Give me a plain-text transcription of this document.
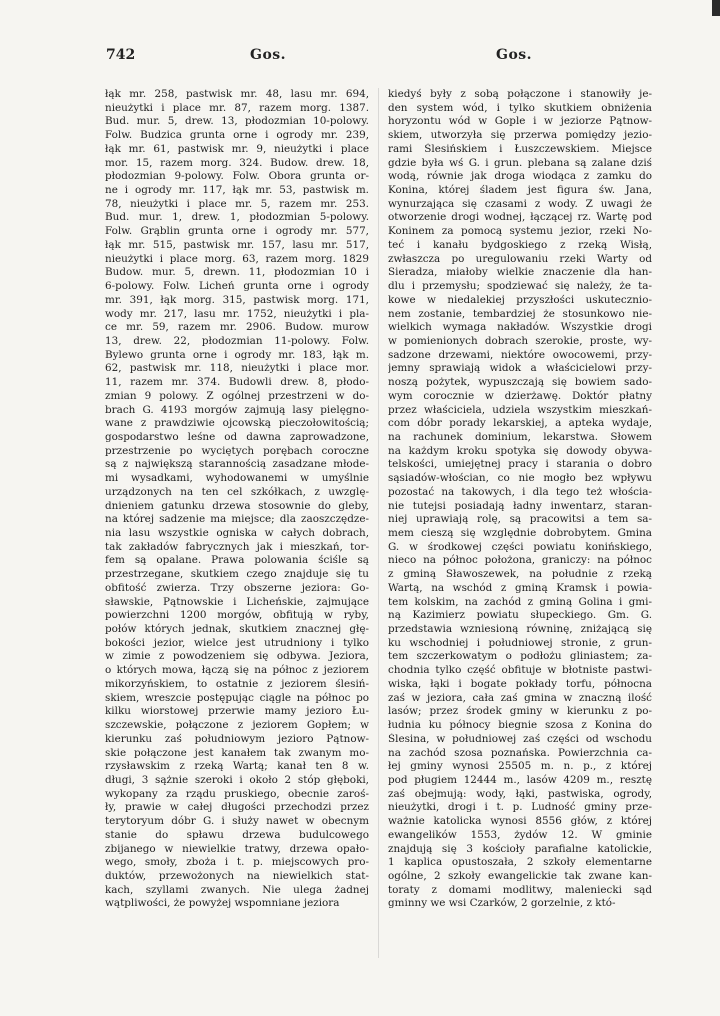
742	Gos.	Gos.
łąk mr. 258, pastwisk mr. 48, lasu mr. 694,
nieużytki i place mr. 87, razem morg. 1387.
Bud. mur. 5, drew. 13, płodozmian 10-polowy.
Folw. Budzica grunta orne i ogrody mr. 239,
łąk mr. 61, pastwisk mr. 9, nieużytki i place
mor. 15, razem morg. 324. Budow. drew. 18,
płodozmian 9-polowy. Folw. Obora grunta or-
ne i ogrody mr. 117, łąk mr. 53, pastwisk m.
78, nieużytki i place mr. 5, razem mr. 253.
Bud. mur. 1, drew. 1, płodozmian 5-polowy.
Folw. Grąblin grunta orne i ogrody mr. 577,
łąk mr. 515, pastwisk mr. 157, lasu mr. 517,
nieużytki i place morg. 63, razem morg. 1829
Budow. mur. 5, drewn. 11, płodozmian 10 i
6-polowy. Folw. Licheń grunta orne i ogrody
mr. 391, łąk morg. 315, pastwisk morg. 171,
wody mr. 217, lasu mr. 1752, nieużytki i pla-
ce mr. 59, razem mr. 2906. Budow. murow
13, drew. 22, płodozmian 11-polowy. Folw.
Bylewo grunta orne i ogrody mr. 183, łąk m.
62, pastwisk mr. 118, nieużytki i place mor.
11, razem mr. 374. Budowli drew. 8, płodo-
zmian 9 polowy. Z ogólnej przestrzeni w do-
brach G. 4193 morgów zajmują lasy pielęgno-
wane z prawdziwie ojcowską pieczołowitością;
gospodarstwo leśne od dawna zaprowadzone,
przestrzenie po wyciętych porębach coroczne
są z największą starannością zasadzane młode-
mi wysadkami, wyhodowanemi w umyślnie
urządzonych na ten cel szkółkach, z uwzglę-
dnieniem gatunku drzewa stosownie do gleby,
na której sadzenie ma miejsce; dla zaoszczędze-
nia lasu wszystkie ogniska w całych dobrach,
tak zakładów fabrycznych jak i mieszkań, tor-
fem są opalane. Prawa polowania ściśle są
przestrzegane, skutkiem czego znajduje się tu
obfitość zwierza. Trzy obszerne jeziora: Go-
sławskie, Pątnowskie i Licheńskie, zajmujące
powierzchni 1200 morgów, obfitują w ryby,
połów których jednak, skutkiem znacznej głę-
bokości jezior, wielce jest utrudniony i tylko
w zimie z powodzeniem się odbywa. Jeziora,
o których mowa, łączą się na północ z jeziorem
mikorzyńskiem, to ostatnie z jeziorem ślesiń-
skiem, wreszcie postępując ciągle na północ po
kilku wiorstowej przerwie mamy jezioro Łu-
szczewskie, połączone z jeziorem Gopłem; w
kierunku zaś południowym jezioro Pątnow-
skie połączone jest kanałem tak zwanym mo-
rzysławskim z rzeką Wartą; kanał ten 8 w.
długi, 3 sążnie szeroki i około 2 stóp głęboki,
wykopany za rządu pruskiego, obecnie zaroś-
ły, prawie w całej długości przechodzi przez
terytoryum dóbr G. i służy nawet w obecnym
stanie do spławu drzewa budulcowego
zbijanego w niewielkie tratwy, drzewa opało-
wego, smoły, zboża i t. p. miejscowych pro-
duktów, przewożonych na niewielkich stat-
kach, szyllami zwanych. Nie ulega żadnej
wątpliwości, że powyżej wspomniane jeziora
kiedyś były z sobą połączone i stanowiły je-
den system wód, i tylko skutkiem obniżenia
horyzontu wód w Gople i w jeziorze Pątnow-
skiem, utworzyła się przerwa pomiędzy jezio-
rami Ślesińskiem i Łuszczewskiem. Miejsce
gdzie była wś G. i grun. plebana są zalane dziś
wodą, równie jak droga wiodąca z zamku do
Konina, której śladem jest figura św. Jana,
wynurzająca się czasami z wody. Z uwagi że
otworzenie drogi wodnej, łączącej rz. Wartę pod
Koninem za pomocą systemu jezior, rzeki No-
teć i kanału bydgoskiego z rzeką Wisłą,
zwłaszcza po uregulowaniu rzeki Warty od
Sieradza, miałoby wielkie znaczenie dla han-
dlu i przemysłu; spodziewać się należy, że ta-
kowe w niedalekiej przyszłości uskutecznio-
nem zostanie, tembardziej że stosunkowo nie-
wielkich wymaga nakładów. Wszystkie drogi
w pomienionych dobrach szerokie, proste, wy-
sadzone drzewami, niektóre owocowemi, przy-
jemny sprawiają widok a właścicielowi przy-
noszą pożytek, wypuszczają się bowiem sado-
wym corocznie w dzierżawę. Doktór płatny
przez właściciela, udziela wszystkim mieszkań-
com dóbr porady lekarskiej, a apteka wydaje,
na rachunek dominium, lekarstwa. Słowem
na każdym kroku spotyka się dowody obywa-
telskości, umiejętnej pracy i starania o dobro
sąsiadów-włościan, co nie mogło bez wpływu
pozostać na takowych, i dla tego też włościa-
nie tutejsi posiadają ładny inwentarz, staran-
niej uprawiają rolę, są pracowitsi a tem sa-
mem cieszą się względnie dobrobytem. Gmina
G. w środkowej części powiatu konińskiego,
nieco na północ położona, graniczy: na północ
z gminą Sławoszewek, na południe z rzeką
Wartą, na wschód z gminą Kramsk i powia-
tem kolskim, na zachód z gminą Golina i gmi-
ną Kazimierz powiatu słupeckiego. Gm. G.
przedstawia wzniesioną równinę, zniżającą się
ku wschodniej i południowej stronie, z grun-
tem szczerkowatym o podłożu gliniastem; za-
chodnia tylko część obfituje w błotniste pastwi-
wiska, łąki i bogate pokłady torfu, północna
zaś w jeziora, cała zaś gmina w znaczną ilość
lasów; przez środek gminy w kierunku z po-
łudnia ku północy biegnie szosa z Konina do
Ślesina, w południowej zaś części od wschodu
na zachód szosa poznańska. Powierzchnia ca-
łej gminy wynosi 25505 m. n. p., z której
pod pługiem 12444 m., lasów 4209 m., resztę
zaś obejmują: wody, łąki, pastwiska, ogrody,
nieużytki, drogi i t. p. Ludność gminy prze-
ważnie katolicka wynosi 8556 głów, z której
ewangelików 1553, żydów 12. W gminie
znajdują się 3 kościoły parafialne katolickie,
1 kaplica opustoszała, 2 szkoły elementarne
ogólne, 2 szkoły ewangelickie tak zwane kan-
toraty z domami modlitwy, maleniecki sąd
gminny we wsi Czarków, 2 gorzelnie, z któ-
